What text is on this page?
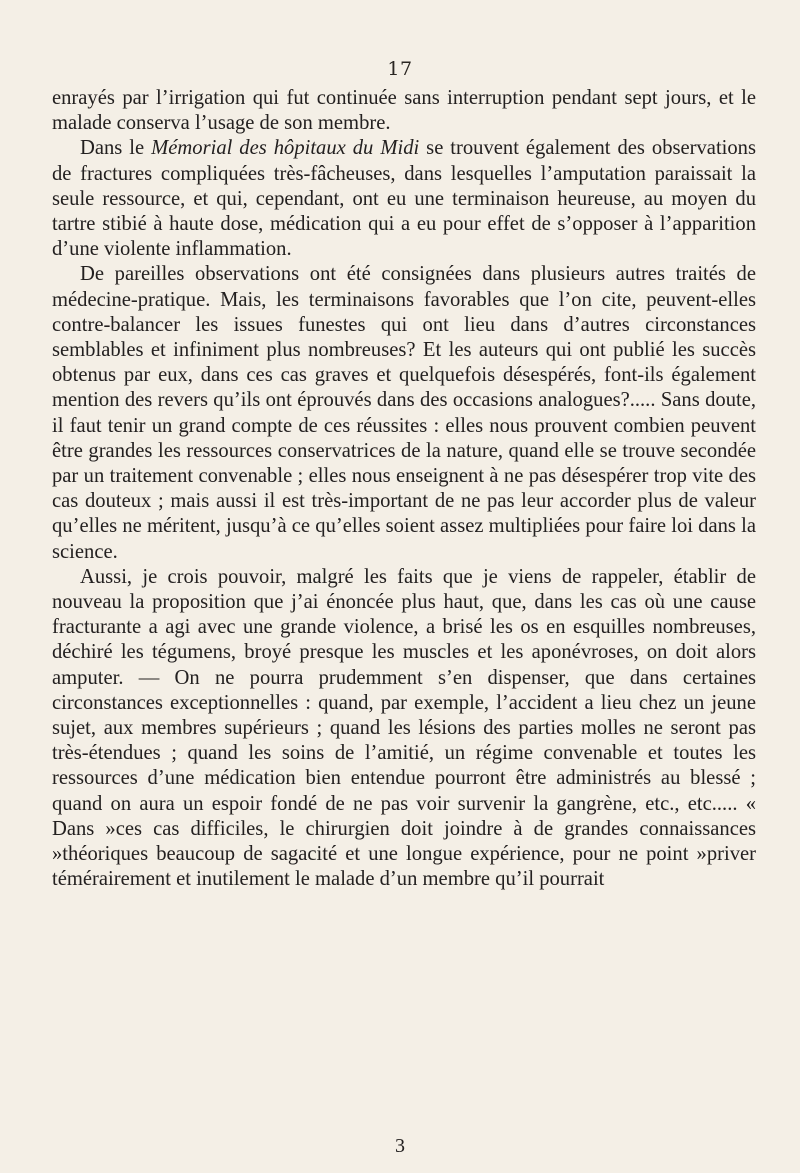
17

enrayés par l’irrigation qui fut continuée sans interruption pendant sept jours, et le malade conserva l’usage de son membre.

Dans le Mémorial des hôpitaux du Midi se trouvent également des observations de fractures compliquées très-fâcheuses, dans lesquelles l’amputation paraissait la seule ressource, et qui, cependant, ont eu une terminaison heureuse, au moyen du tartre stibié à haute dose, médication qui a eu pour effet de s’opposer à l’apparition d’une violente inflammation.

De pareilles observations ont été consignées dans plusieurs autres traités de médecine-pratique. Mais, les terminaisons favorables que l’on cite, peuvent-elles contre-balancer les issues funestes qui ont lieu dans d’autres circonstances semblables et infiniment plus nombreuses? Et les auteurs qui ont publié les succès obtenus par eux, dans ces cas graves et quelquefois désespérés, font-ils également mention des revers qu’ils ont éprouvés dans des occasions analogues?..... Sans doute, il faut tenir un grand compte de ces réussites : elles nous prouvent combien peuvent être grandes les ressources conservatrices de la nature, quand elle se trouve secondée par un traitement convenable ; elles nous enseignent à ne pas désespérer trop vite des cas douteux ; mais aussi il est très-important de ne pas leur accorder plus de valeur qu’elles ne méritent, jusqu’à ce qu’elles soient assez multipliées pour faire loi dans la science.

Aussi, je crois pouvoir, malgré les faits que je viens de rappeler, établir de nouveau la proposition que j’ai énoncée plus haut, que, dans les cas où une cause fracturante a agi avec une grande violence, a brisé les os en esquilles nombreuses, déchiré les tégumens, broyé presque les muscles et les aponévroses, on doit alors amputer. — On ne pourra prudemment s’en dispenser, que dans certaines circonstances exceptionnelles : quand, par exemple, l’accident a lieu chez un jeune sujet, aux membres supérieurs ; quand les lésions des parties molles ne seront pas très-étendues ; quand les soins de l’amitié, un régime convenable et toutes les ressources d’une médication bien entendue pourront être administrés au blessé ; quand on aura un espoir fondé de ne pas voir survenir la gangrène, etc., etc..... « Dans »ces cas difficiles, le chirurgien doit joindre à de grandes connaissances »théoriques beaucoup de sagacité et une longue expérience, pour ne point »priver témérairement et inutilement le malade d’un membre qu’il pourrait

3
